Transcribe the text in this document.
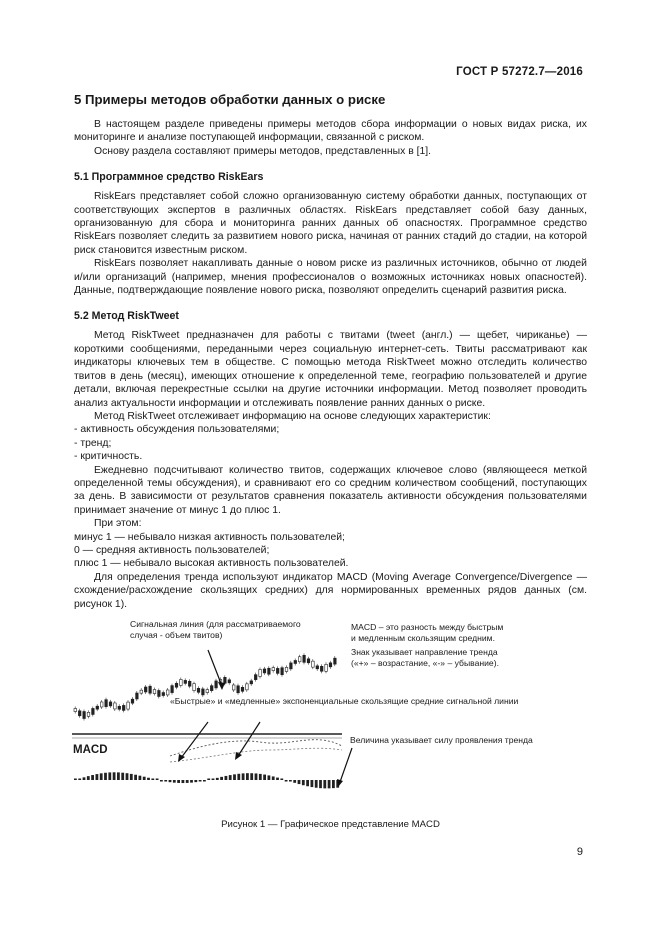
ГОСТ Р 57272.7—2016
5 Примеры методов обработки данных о риске

В настоящем разделе приведены примеры методов сбора информации о новых видах риска, их мониторинге и анализе поступающей информации, связанной с риском.

Основу раздела составляют примеры методов, представленных в [1].

5.1 Программное средство RiskEars

RiskEars представляет собой сложно организованную систему обработки данных, поступающих от соответствующих экспертов в различных областях. RiskEars представляет собой базу данных, организованную для сбора и мониторинга ранних данных об опасностях. Программное средство RiskEars позволяет следить за развитием нового риска, начиная от ранних стадий до стадии, на которой риск становится известным риском.

RiskEars позволяет накапливать данные о новом риске из различных источников, обычно от людей и/или организаций (например, мнения профессионалов о возможных источниках новых опасностей). Данные, подтверждающие появление нового риска, позволяют определить сценарий развития риска.

5.2 Метод RiskTweet

Метод RiskTweet предназначен для работы с твитами (tweet (англ.) — щебет, чириканье) — короткими сообщениями, переданными через социальную интернет-сеть. Твиты рассматривают как индикаторы ключевых тем в обществе. С помощью метода RiskTweet можно отследить количество твитов в день (месяц), имеющих отношение к определенной теме, географию пользователей и другие детали, включая перекрестные ссылки на другие источники информации. Метод позволяет проводить анализ актуальности информации и отслеживать появление ранних данных о риске.

Метод RiskTweet отслеживает информацию на основе следующих характеристик:

- активность обсуждения пользователями;

- тренд;

- критичность.

Ежедневно подсчитывают количество твитов, содержащих ключевое слово (являющееся меткой определенной темы обсуждения), и сравнивают его со средним количеством сообщений, поступающих за день. В зависимости от результатов сравнения показатель активности обсуждения пользователями принимает значение от минус 1 до плюс 1.

При этом:

минус 1 — небывало низкая активность пользователей;

0 — средняя активность пользователей;

плюс 1 — небывало высокая активность пользователей.

Для определения тренда используют индикатор MACD (Moving Average Convergence/Divergence — схождение/расхождение скользящих средних) для нормированных временных рядов данных (см. рисунок 1).

Сигнальная линия (для рассматриваемого
случая - объем твитов)
MACD – это разность между быстрым
и медленным скользящим средним.
Знак указывает направление тренда
(«+» – возрастание, «-» – убывание).
«Быстрые» и «медленные» экспоненциальные скользящие средние сигнальной линии
MACD
Величина указывает силу проявления тренда
Рисунок 1 — Графическое представление MACD
9
